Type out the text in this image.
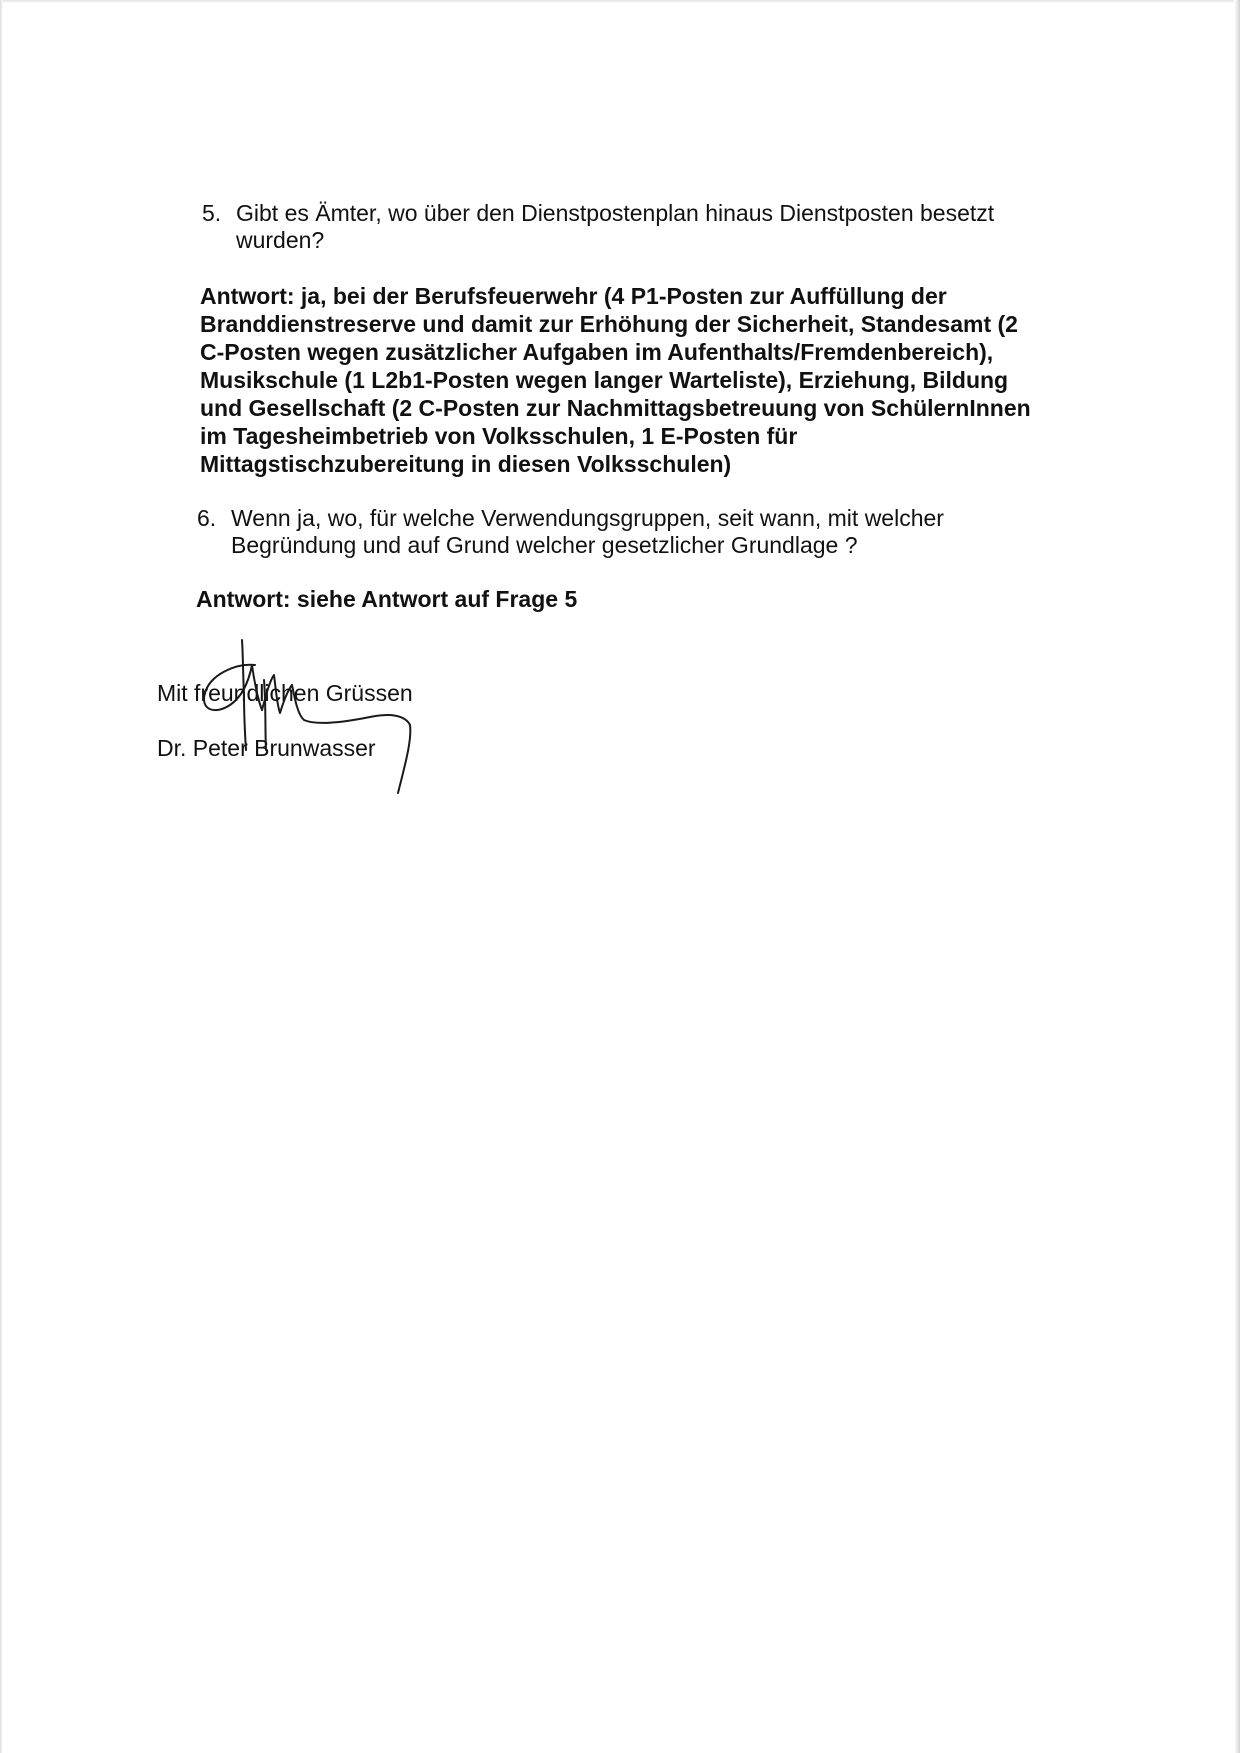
5. Gibt es Ämter, wo über den Dienstpostenplan hinaus Dienstposten besetzt
wurden?
Antwort: ja, bei der Berufsfeuerwehr (4 P1-Posten zur Auffüllung der
Branddienstreserve und damit zur Erhöhung der Sicherheit, Standesamt (2
C-Posten wegen zusätzlicher Aufgaben im Aufenthalts/Fremdenbereich),
Musikschule (1 L2b1-Posten wegen langer Warteliste), Erziehung, Bildung
und Gesellschaft (2 C-Posten zur Nachmittagsbetreuung von SchülernInnen
im Tagesheimbetrieb von Volksschulen, 1 E-Posten für
Mittagstischzubereitung in diesen Volksschulen)
6. Wenn ja, wo, für welche Verwendungsgruppen, seit wann, mit welcher
Begründung und auf Grund welcher gesetzlicher Grundlage ?
Antwort: siehe Antwort auf Frage 5
Mit freundlichen Grüssen
Dr. Peter Brunwasser
